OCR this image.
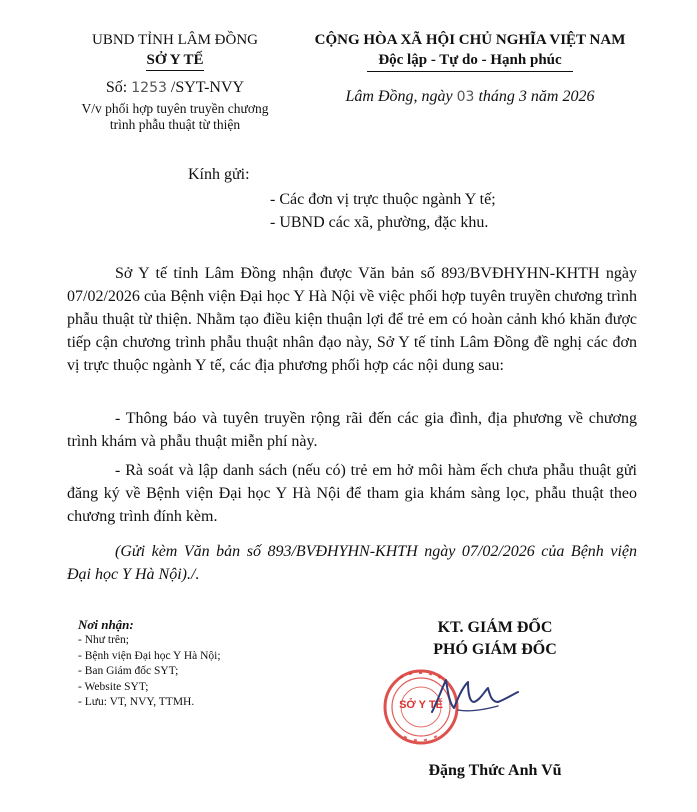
UBND TỈNH LÂM ĐỒNG
SỞ Y TẾ
Số: 1253 /SYT-NVY
V/v phối hợp tuyên truyền chương
trình phẫu thuật từ thiện
CỘNG HÒA XÃ HỘI CHỦ NGHĨA VIỆT NAM
Độc lập - Tự do - Hạnh phúc
Lâm Đồng, ngày 03 tháng 3 năm 2026
Kính gửi:
- Các đơn vị trực thuộc ngành Y tế;
- UBND các xã, phường, đặc khu.
Sở Y tế tỉnh Lâm Đồng nhận được Văn bản số 893/BVĐHYHN-KHTH ngày 07/02/2026 của Bệnh viện Đại học Y Hà Nội về việc phối hợp tuyên truyền chương trình phẫu thuật từ thiện. Nhằm tạo điều kiện thuận lợi để trẻ em có hoàn cảnh khó khăn được tiếp cận chương trình phẫu thuật nhân đạo này, Sở Y tế tỉnh Lâm Đồng đề nghị các đơn vị trực thuộc ngành Y tế, các địa phương phối hợp các nội dung sau:
- Thông báo và tuyên truyền rộng rãi đến các gia đình, địa phương về chương trình khám và phẫu thuật miễn phí này.
- Rà soát và lập danh sách (nếu có) trẻ em hở môi hàm ếch chưa phẫu thuật gửi đăng ký về Bệnh viện Đại học Y Hà Nội để tham gia khám sàng lọc, phẫu thuật theo chương trình đính kèm.
(Gửi kèm Văn bản số 893/BVĐHYHN-KHTH ngày 07/02/2026 của Bệnh viện Đại học Y Hà Nội)./.
Nơi nhận:
- Như trên;
- Bệnh viện Đại học Y Hà Nội;
- Ban Giám đốc SYT;
- Website SYT;
- Lưu: VT, NVY, TTMH.
KT. GIÁM ĐỐC
PHÓ GIÁM ĐỐC
SỞ Y TẾ
Đặng Thức Anh Vũ
